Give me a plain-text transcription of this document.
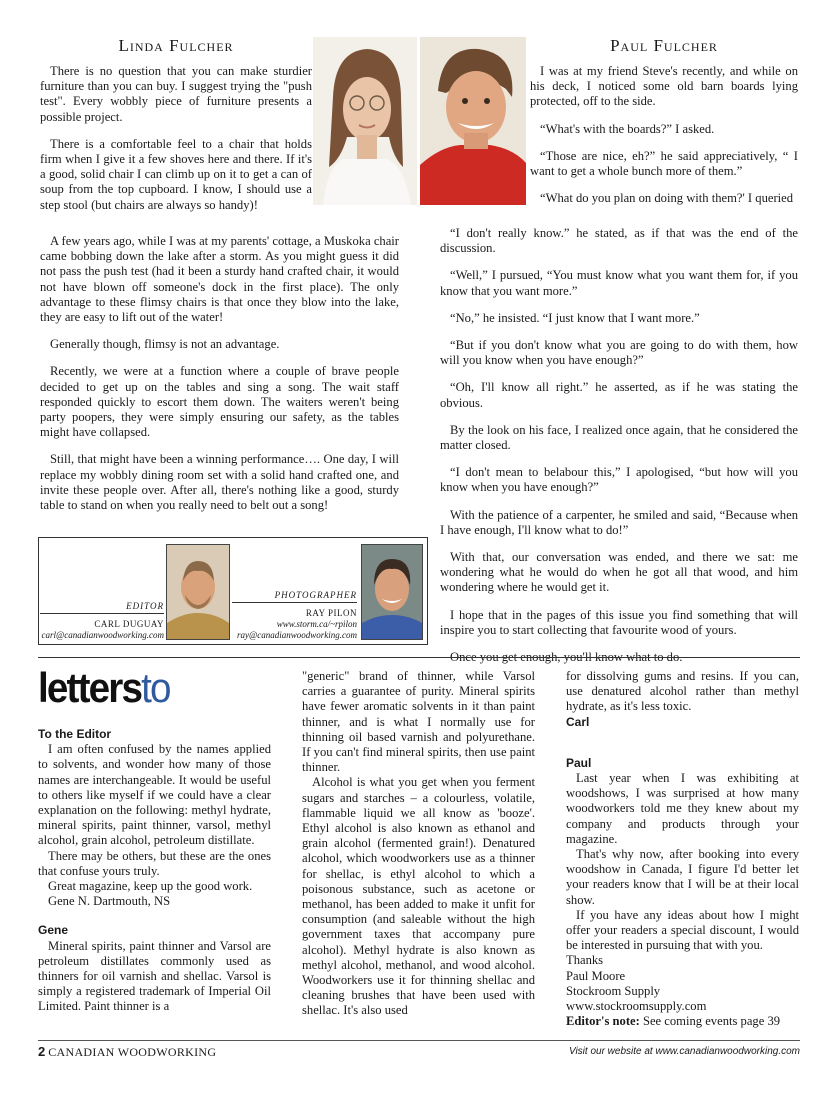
Linda Fulcher

There is no question that you can make sturdier furniture than you can buy. I suggest trying the "push test". Every wobbly piece of furniture presents a possible project.

There is a comfortable feel to a chair that holds firm when I give it a few shoves here and there. If it's a good, solid chair I can climb up on it to get a can of soup from the top cupboard. I know, I should use a step stool (but chairs are always so handy)!

A few years ago, while I was at my parents' cottage, a Muskoka chair came bobbing down the lake after a storm. As you might guess it did not pass the push test (had it been a sturdy hand crafted chair, it would not have blown off someone's dock in the first place). The only advantage to these flimsy chairs is that once they blow into the lake, they are easy to lift out of the water!

Generally though, flimsy is not an advantage.

Recently, we were at a function where a couple of brave people decided to get up on the tables and sing a song. The wait staff responded quickly to escort them down. The waiters weren't being party poopers, they were simply ensuring our safety, as the tables might have collapsed.

Still, that might have been a winning performance…. One day, I will replace my wobbly dining room set with a solid hand crafted one, and invite these people over. After all, there's nothing like a good, sturdy table to stand on when you really need to belt out a song!

Paul Fulcher

I was at my friend Steve's recently, and while on his deck, I noticed some old barn boards lying protected, off to the side.

“What's with the boards?” I asked.

“Those are nice, eh?” he said appreciatively, “ I want to get a whole bunch more of them.”

“What do you plan on doing with them?' I queried

“I don't really know.” he stated, as if that was the end of the discussion.

“Well,” I pursued, “You must know what you want them for, if you know that you want more.”

“No,” he insisted. “I just know that I want more.”

“But if you don't know what you are going to do with them, how will you know when you have enough?”

“Oh, I'll know all right.” he asserted, as if he was stating the obvious.

By the look on his face, I realized once again, that he considered the matter closed.

“I don't mean to belabour this,” I apologised, “but how will you know when you have enough?”

With the patience of a carpenter, he smiled and said, “Because when I have enough, I'll know what to do!”

With that, our conversation was ended, and there we sat: me wondering what he would do when he got all that wood, and him wondering where he would get it.

I hope that in the pages of this issue you find something that will inspire you to start collecting that favourite wood of yours.

Once you get enough, you'll know what to do.

EDITOR
CARL DUGUAY
carl@canadianwoodworking.com
PHOTOGRAPHER
RAY PILON
www.storm.ca/~rpilon
ray@canadianwoodworking.com
lettersto

To the Editor

I am often confused by the names applied to solvents, and wonder how many of those names are interchangeable. It would be useful to others like myself if we could have a clear explanation on the following: methyl hydrate, mineral spirits, paint thinner, varsol, methyl alcohol, grain alcohol, petroleum distillate.

There may be others, but these are the ones that confuse yours truly.

Great magazine, keep up the good work.

Gene N. Dartmouth, NS

Gene

Mineral spirits, paint thinner and Varsol are petroleum distillates commonly used as thinners for oil varnish and shellac. Varsol is simply a registered trademark of Imperial Oil Limited. Paint thinner is a

"generic" brand of thinner, while Varsol carries a guarantee of purity. Mineral spirits have fewer aromatic solvents in it than paint thinner, and is what I normally use for thinning oil based varnish and polyurethane. If you can't find mineral spirits, then use paint thinner.

Alcohol is what you get when you ferment sugars and starches – a colourless, volatile, flammable liquid we all know as 'booze'. Ethyl alcohol is also known as ethanol and grain alcohol (fermented grain!). Denatured alcohol, which woodworkers use as a thinner for shellac, is ethyl alcohol to which a poisonous substance, such as acetone or methanol, has been added to make it unfit for consumption (and saleable without the high government taxes that accompany pure alcohol). Methyl hydrate is also known as methyl alcohol, methanol, and wood alcohol. Woodworkers use it for thinning shellac and cleaning brushes that have been used with shellac. It's also used

for dissolving gums and resins. If you can, use denatured alcohol rather than methyl hydrate, as it's less toxic.

Carl

Paul

Last year when I was exhibiting at woodshows, I was surprised at how many woodworkers told me they knew about my company and products through your magazine.

That's why now, after booking into every woodshow in Canada, I figure I'd better let your readers know that I will be at their local show.

If you have any ideas about how I might offer your readers a special discount, I would be interested in pursuing that with you.

Thanks

Paul Moore

Stockroom Supply

www.stockroomsupply.com

Editor's note: See coming events page 39

2 CANADIAN WOODWORKING	Visit our website at www.canadianwoodworking.com
